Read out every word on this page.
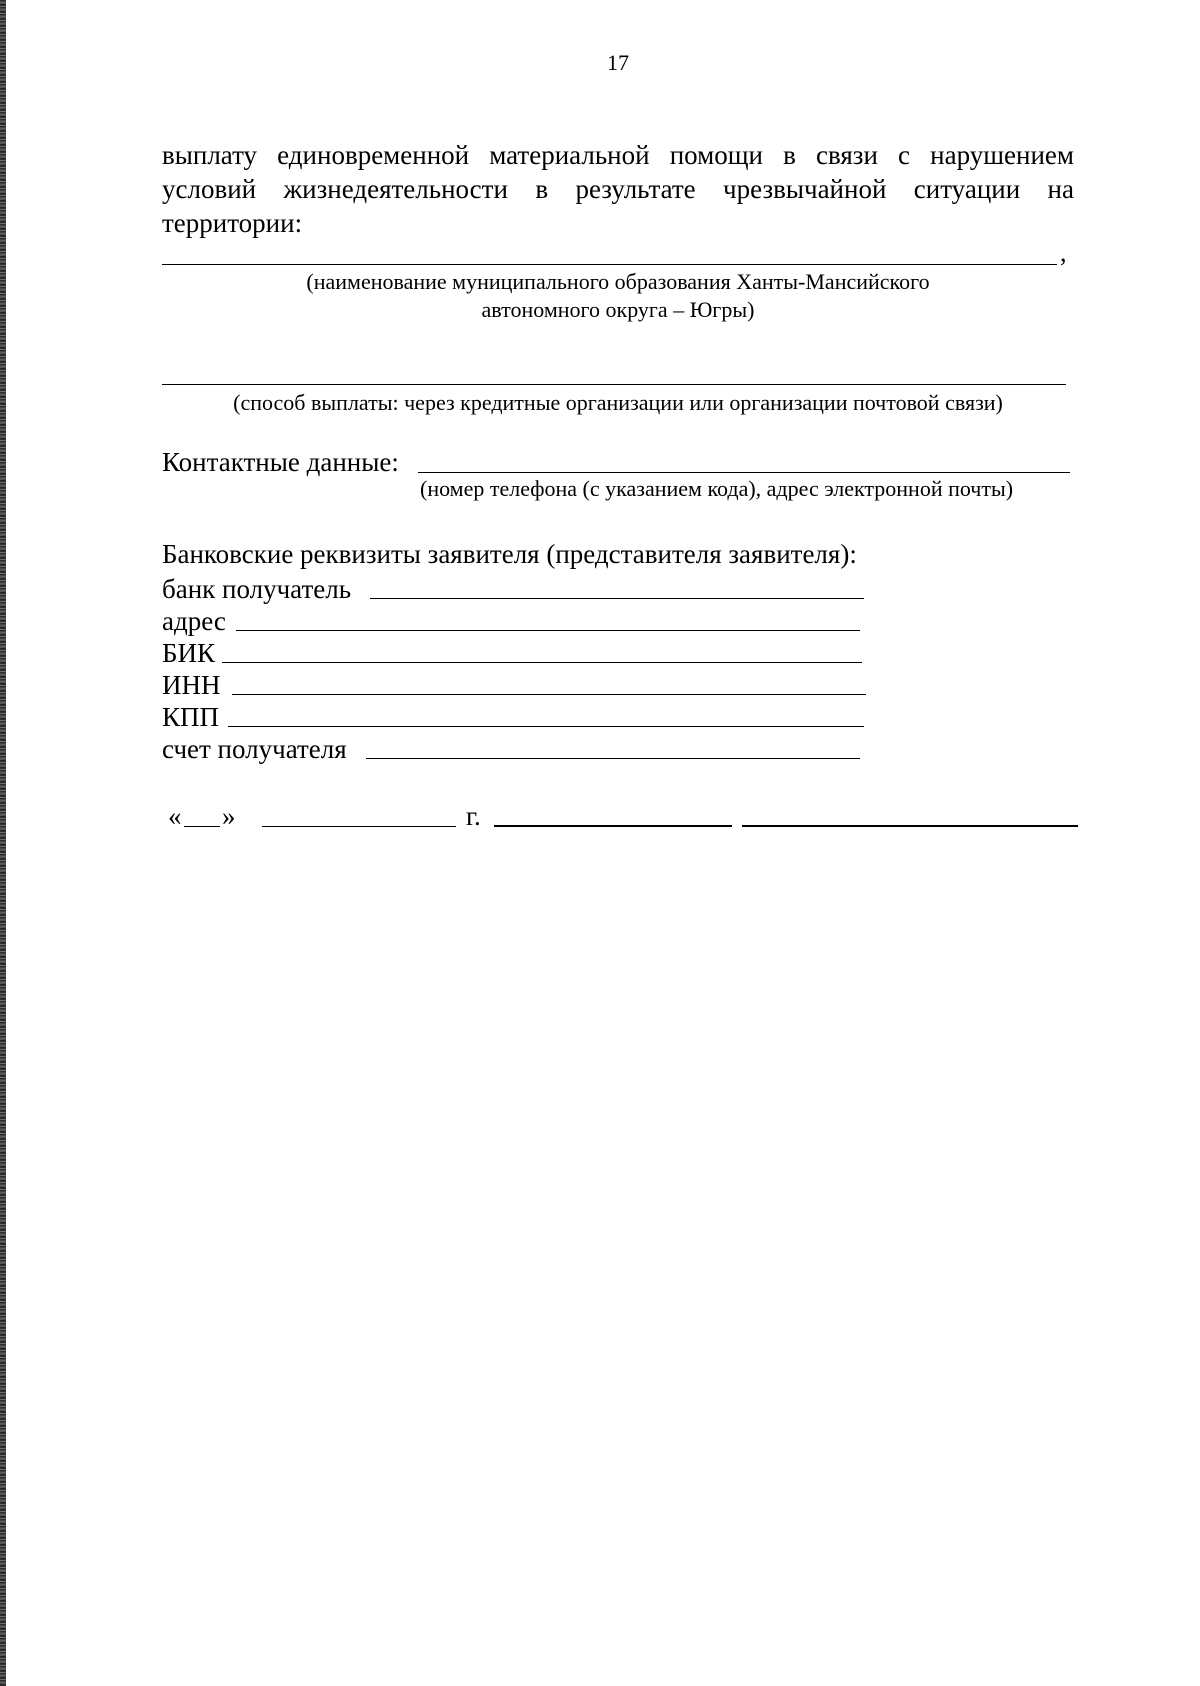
17
выплату единовременной материальной помощи в связи с нарушением условий жизнедеятельности в результате чрезвычайной ситуации на территории:
,
(наименование муниципального образования Ханты-Мансийского
автономного округа – Югры)
(способ выплаты: через кредитные организации или организации почтовой связи)
Контактные данные:
(номер телефона (с указанием кода), адрес электронной почты)
Банковские реквизиты заявителя (представителя заявителя):
банк получатель
адрес
БИК
ИНН
КПП
счет получателя
« »	г.
